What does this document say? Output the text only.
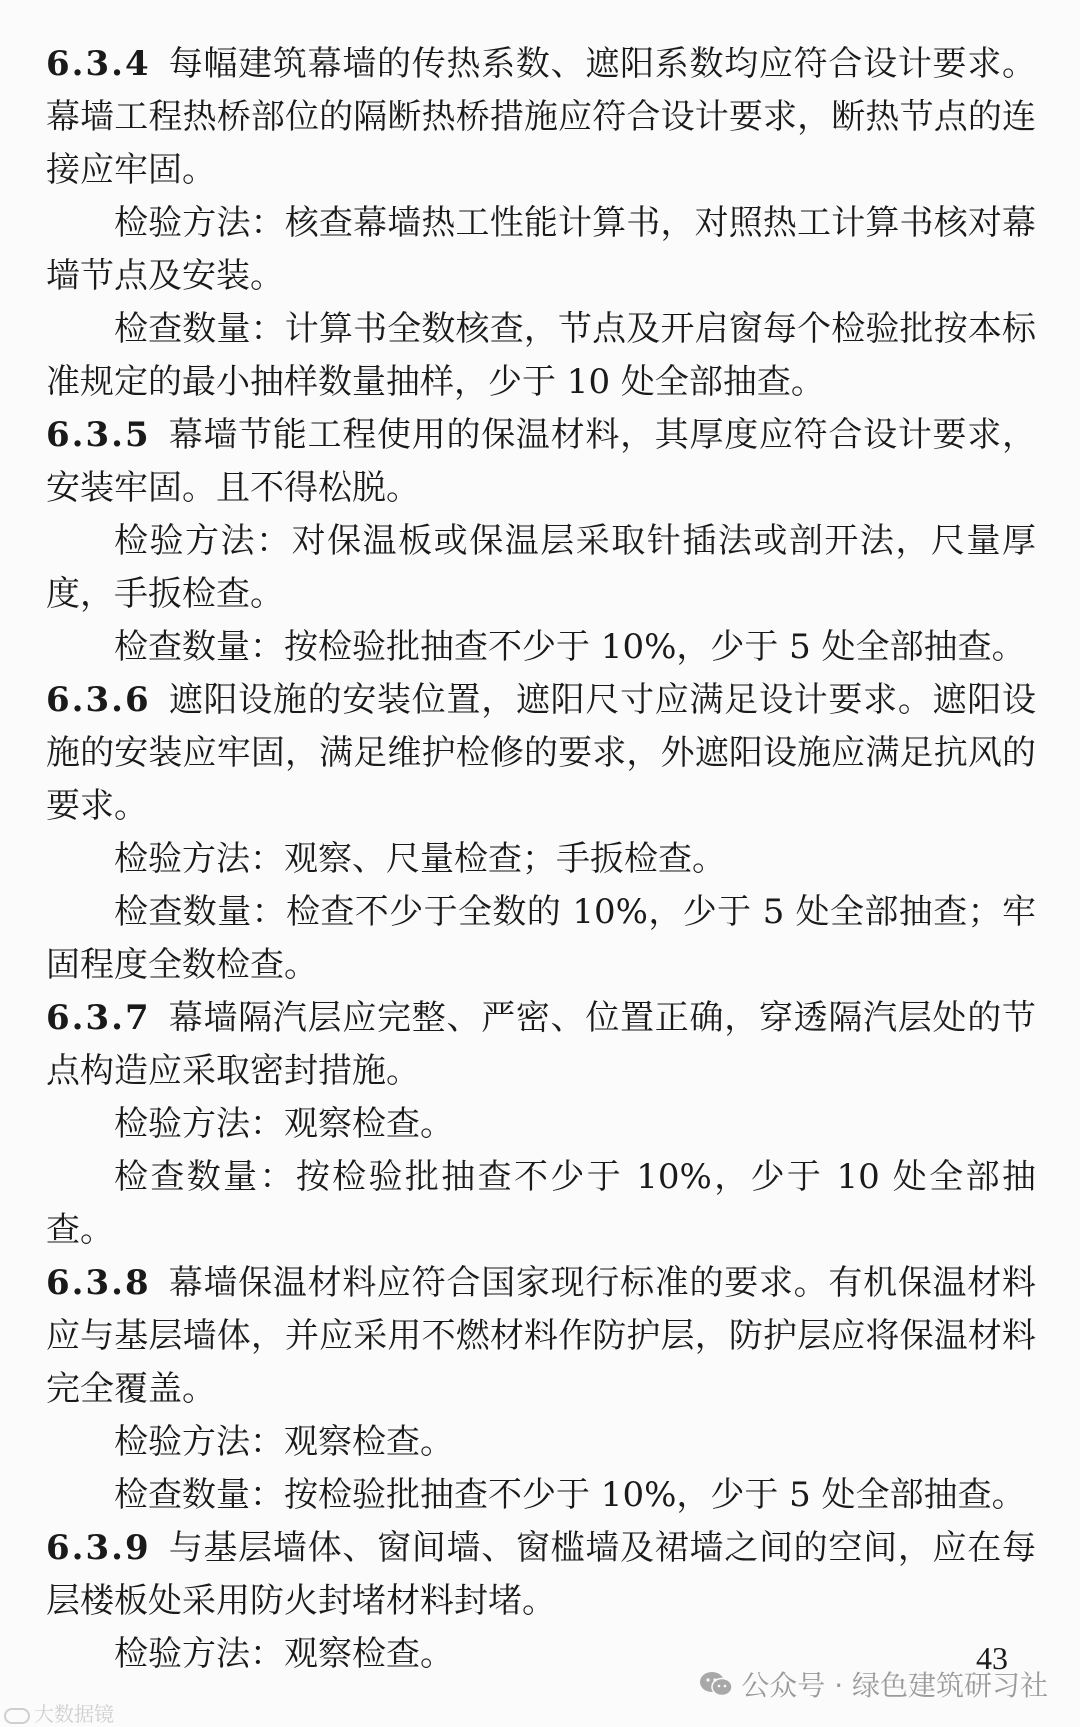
6.3.4 每幅建筑幕墙的传热系数、遮阳系数均应符合设计要求。幕墙工程热桥部位的隔断热桥措施应符合设计要求，断热节点的连接应牢固。

检验方法：核查幕墙热工性能计算书，对照热工计算书核对幕墙节点及安装。

检查数量：计算书全数核查，节点及开启窗每个检验批按本标准规定的最小抽样数量抽样，少于 10 处全部抽查。

6.3.5 幕墙节能工程使用的保温材料，其厚度应符合设计要求，安装牢固。且不得松脱。

检验方法：对保温板或保温层采取针插法或剖开法，尺量厚度，手扳检查。

检查数量：按检验批抽查不少于 10%，少于 5 处全部抽查。

6.3.6 遮阳设施的安装位置，遮阳尺寸应满足设计要求。遮阳设施的安装应牢固，满足维护检修的要求，外遮阳设施应满足抗风的要求。

检验方法：观察、尺量检查；手扳检查。

检查数量：检查不少于全数的 10%，少于 5 处全部抽查；牢固程度全数检查。

6.3.7 幕墙隔汽层应完整、严密、位置正确，穿透隔汽层处的节点构造应采取密封措施。

检验方法：观察检查。

检查数量：按检验批抽查不少于 10%，少于 10 处全部抽查。

6.3.8 幕墙保温材料应符合国家现行标准的要求。有机保温材料应与基层墙体，并应采用不燃材料作防护层，防护层应将保温材料完全覆盖。

检验方法：观察检查。

检查数量：按检验批抽查不少于 10%，少于 5 处全部抽查。

6.3.9 与基层墙体、窗间墙、窗槛墙及裙墙之间的空间，应在每层楼板处采用防火封堵材料封堵。

检验方法：观察检查。	43
大数据镜
公众号 · 绿色建筑研习社
